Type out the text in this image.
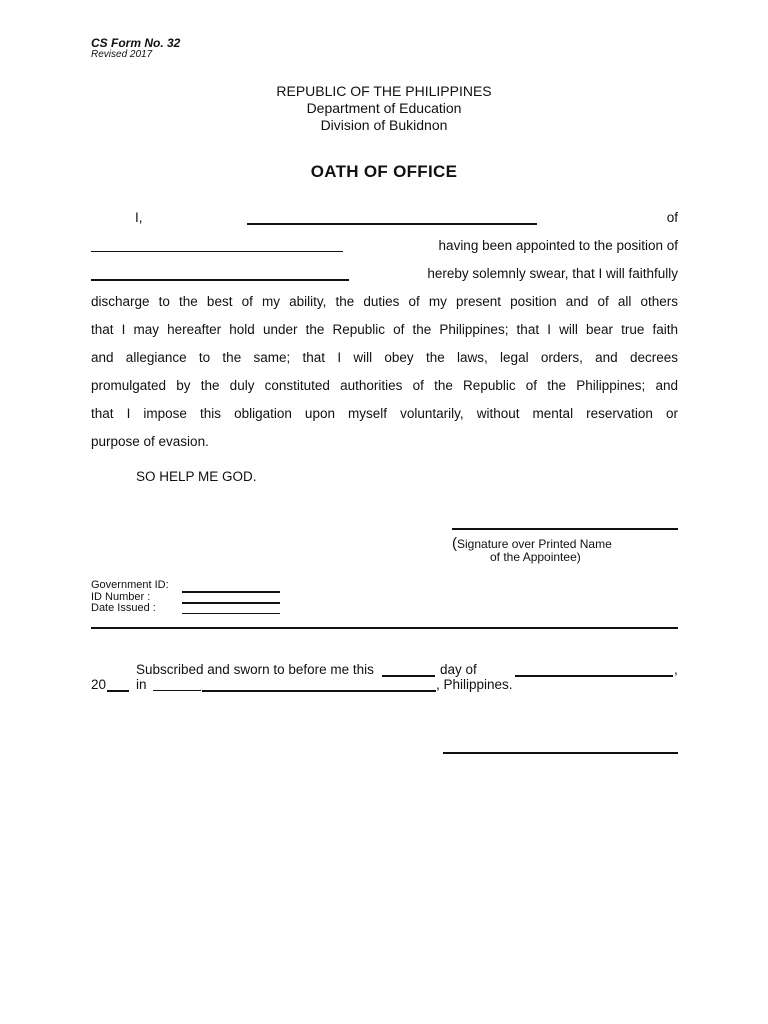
CS Form No. 32
Revised 2017
REPUBLIC OF THE PHILIPPINES
Department of Education
Division of Bukidnon
OATH OF OFFICE
I,	of
having been appointed to the position of
hereby solemnly swear, that I will faithfully
discharge to the best of my ability, the duties of my present position and of all others
that I may hereafter hold under the Republic of the Philippines; that I will bear true faith
and allegiance to the same; that I will obey the laws, legal orders, and decrees
promulgated by the duly constituted authorities of the Republic of the Philippines; and
that I impose this obligation upon myself voluntarily, without mental reservation or
purpose of evasion.
SO HELP ME GOD.
(Signature over Printed Name
of the Appointee)
Government ID:
ID Number :
Date Issued :
Subscribed and sworn to before me this	day of	,
20 in	, Philippines.
